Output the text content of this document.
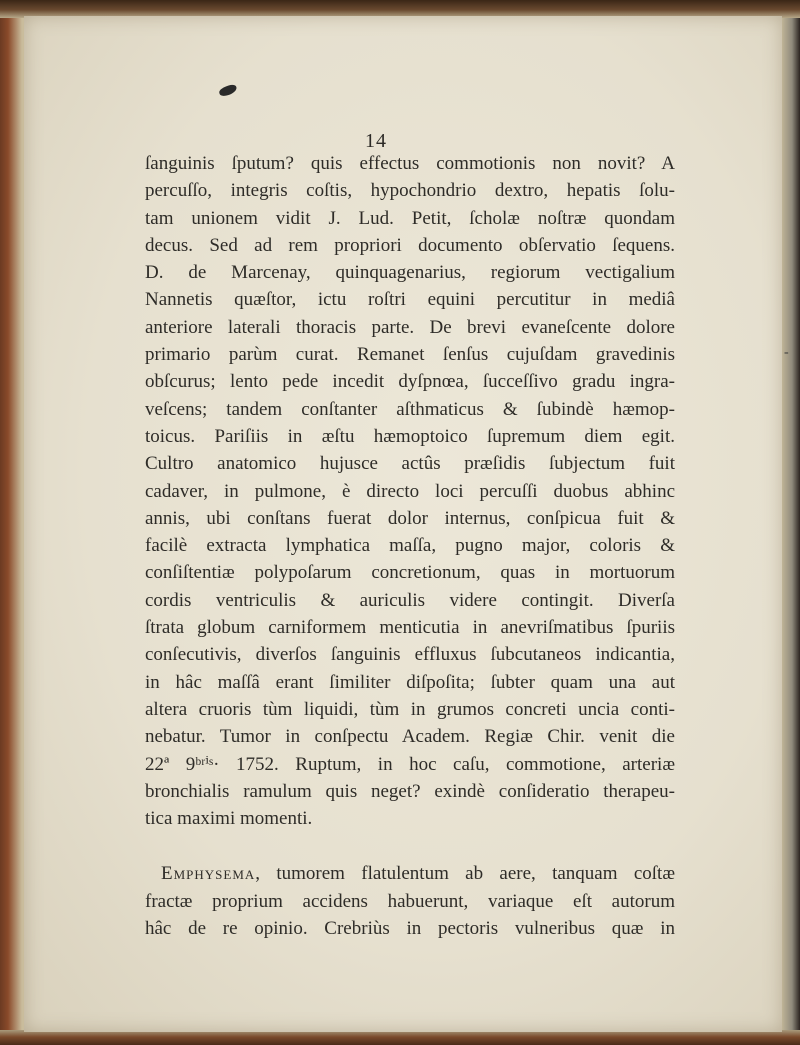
14
ſanguinis ſputum? quis effectus commotionis non novit? A
percuſſo, integris coſtis, hypochondrio dextro, hepatis ſolu-
tam unionem vidit J. Lud. Petit, ſcholæ noſtræ quondam
decus. Sed ad rem propriori documento obſervatio ſequens.
D. de Marcenay, quinquagenarius, regiorum vectigalium
Nannetis quæſtor, ictu roſtri equini percutitur in mediâ
anteriore laterali thoracis parte. De brevi evaneſcente dolore
primario parùm curat. Remanet ſenſus cujuſdam gravedinis
obſcurus; lento pede incedit dyſpnœa, ſucceſſivo gradu ingra-
veſcens; tandem conſtanter aſthmaticus & ſubindè hæmop-
toicus. Pariſiis in æſtu hæmoptoico ſupremum diem egit.
Cultro anatomico hujusce actûs præſidis ſubjectum fuit
cadaver, in pulmone, è directo loci percuſſi duobus abhinc
annis, ubi conſtans fuerat dolor internus, conſpicua fuit &
facilè extracta lymphatica maſſa, pugno major, coloris &
conſiſtentiæ polypoſarum concretionum, quas in mortuorum
cordis ventriculis & auriculis videre contingit. Diverſa
ſtrata globum carniformem menticutia in anevriſmatibus ſpuriis
conſecutivis, diverſos ſanguinis effluxus ſubcutaneos indicantia,
in hâc maſſâ erant ſimiliter diſpoſita; ſubter quam una aut
altera cruoris tùm liquidi, tùm in grumos concreti uncia conti-
nebatur. Tumor in conſpectu Academ. Regiæ Chir. venit die
22ª 9ᵇʳⁱˢ· 1752. Ruptum, in hoc caſu, commotione, arteriæ
bronchialis ramulum quis neget? exindè conſideratio therapeu-
tica maximi momenti.
Emphysema, tumorem flatulentum ab aere, tanquam coſtæ
fractæ proprium accidens habuerunt, variaque eſt autorum
hâc de re opinio. Crebriùs in pectoris vulneribus quæ in
-
